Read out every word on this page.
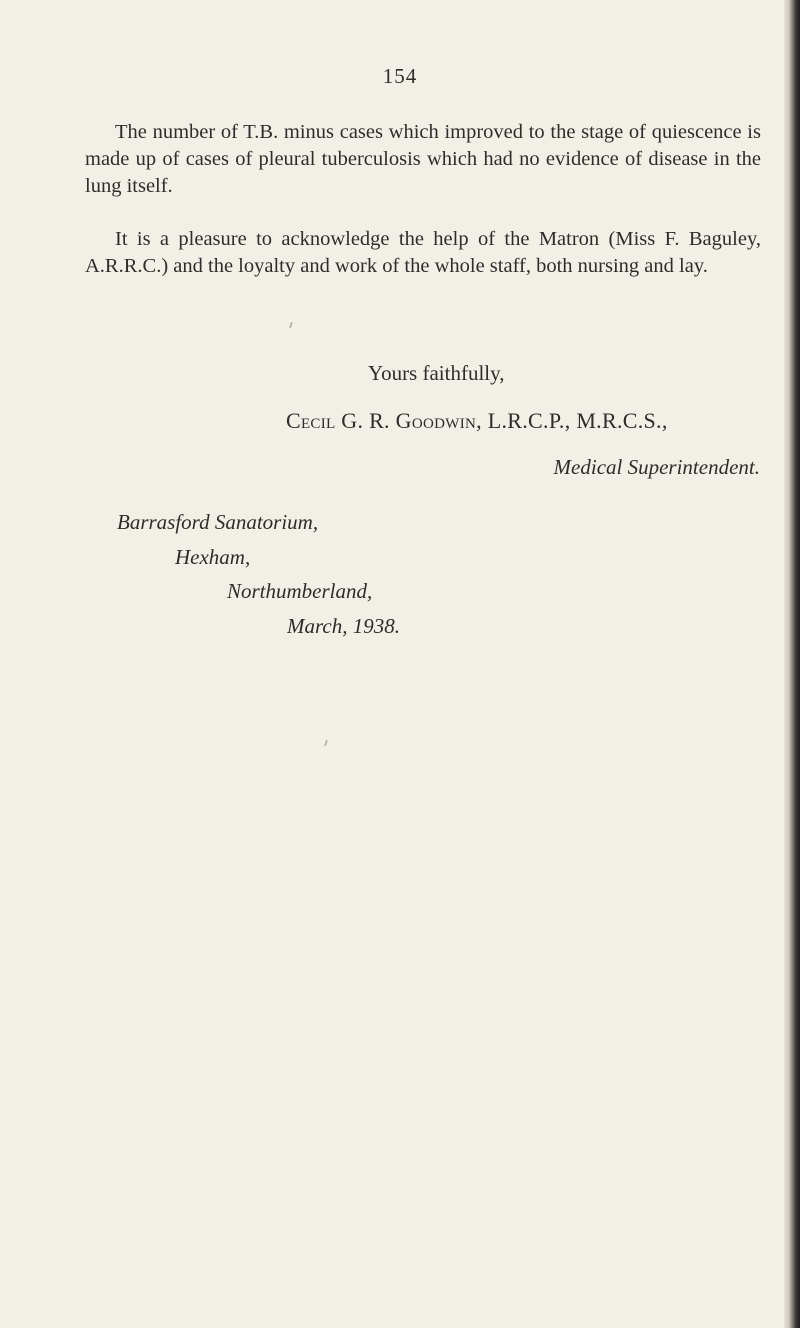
154

The number of T.B. minus cases which improved to the stage of quiescence is made up of cases of pleural tuberculosis which had no evidence of disease in the lung itself.

It is a pleasure to acknowledge the help of the Matron (Miss F. Baguley, A.R.R.C.) and the loyalty and work of the whole staff, both nursing and lay.

Yours faithfully,
Cecil G. R. Goodwin, L.R.C.P., M.R.C.S.,
Medical Superintendent.
Barrasford Sanatorium,
Hexham,
Northumberland,
March, 1938.
